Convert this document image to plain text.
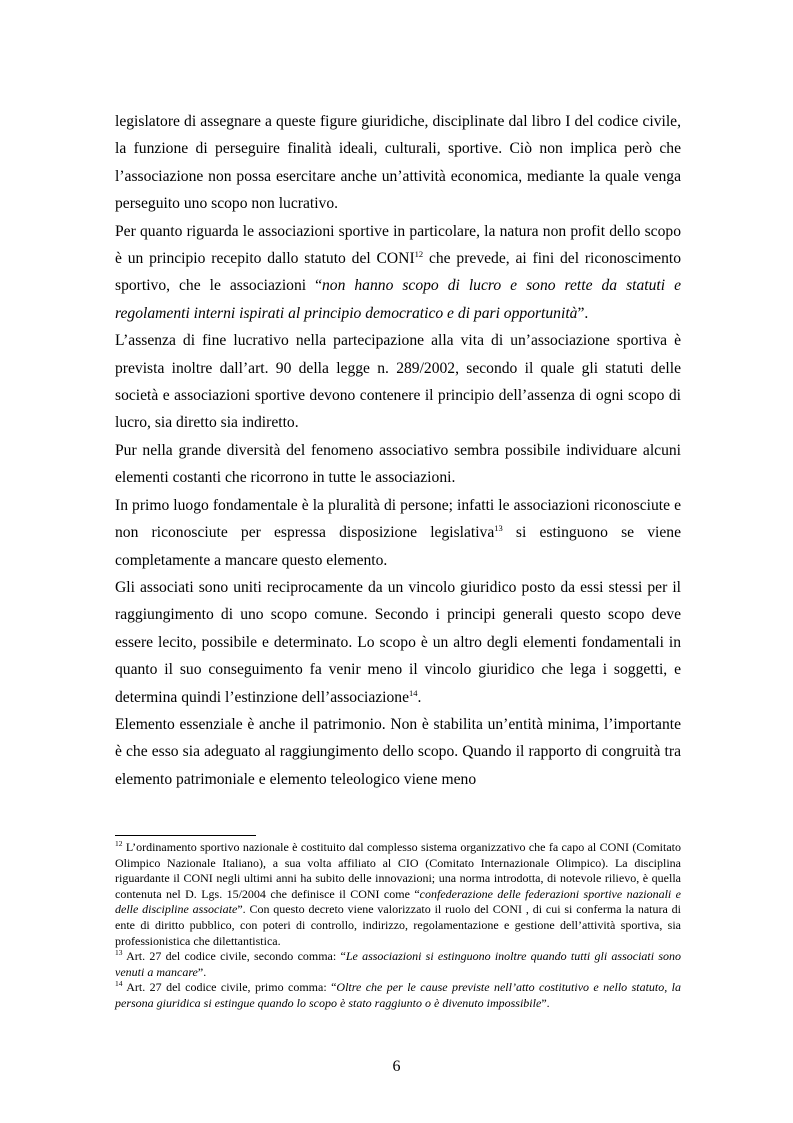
legislatore di assegnare a queste figure giuridiche, disciplinate dal libro I del codice civile, la funzione di perseguire finalità ideali, culturali, sportive. Ciò non implica però che l’associazione non possa esercitare anche un’attività economica, mediante la quale venga perseguito uno scopo non lucrativo.

Per quanto riguarda le associazioni sportive in particolare, la natura non profit dello scopo è un principio recepito dallo statuto del CONI$^{12}$ che prevede, ai fini del riconoscimento sportivo, che le associazioni “non hanno scopo di lucro e sono rette da statuti e regolamenti interni ispirati al principio democratico e di pari opportunità”.

L’assenza di fine lucrativo nella partecipazione alla vita di un’associazione sportiva è prevista inoltre dall’art. 90 della legge n. 289/2002, secondo il quale gli statuti delle società e associazioni sportive devono contenere il principio dell’assenza di ogni scopo di lucro, sia diretto sia indiretto.

Pur nella grande diversità del fenomeno associativo sembra possibile individuare alcuni elementi costanti che ricorrono in tutte le associazioni.

In primo luogo fondamentale è la pluralità di persone; infatti le associazioni riconosciute e non riconosciute per espressa disposizione legislativa$^{13}$ si estinguono se viene completamente a mancare questo elemento.

Gli associati sono uniti reciprocamente da un vincolo giuridico posto da essi stessi per il raggiungimento di uno scopo comune. Secondo i principi generali questo scopo deve essere lecito, possibile e determinato. Lo scopo è un altro degli elementi fondamentali in quanto il suo conseguimento fa venir meno il vincolo giuridico che lega i soggetti, e determina quindi l’estinzione dell’associazione$^{14}$.

Elemento essenziale è anche il patrimonio. Non è stabilita un’entità minima, l’importante è che esso sia adeguato al raggiungimento dello scopo. Quando il rapporto di congruità tra elemento patrimoniale e elemento teleologico viene meno

$^{12}$ L’ordinamento sportivo nazionale è costituito dal complesso sistema organizzativo che fa capo al CONI (Comitato Olimpico Nazionale Italiano), a sua volta affiliato al CIO (Comitato Internazionale Olimpico). La disciplina riguardante il CONI negli ultimi anni ha subito delle innovazioni; una norma introdotta, di notevole rilievo, è quella contenuta nel D. Lgs. 15/2004 che definisce il CONI come “confederazione delle federazioni sportive nazionali e delle discipline associate”. Con questo decreto viene valorizzato il ruolo del CONI , di cui si conferma la natura di ente di diritto pubblico, con poteri di controllo, indirizzo, regolamentazione e gestione dell’attività sportiva, sia professionistica che dilettantistica.

$^{13}$ Art. 27 del codice civile, secondo comma: “Le associazioni si estinguono inoltre quando tutti gli associati sono venuti a mancare”.

$^{14}$ Art. 27 del codice civile, primo comma: “Oltre che per le cause previste nell’atto costitutivo e nello statuto, la persona giuridica si estingue quando lo scopo è stato raggiunto o è divenuto impossibile”.

6
